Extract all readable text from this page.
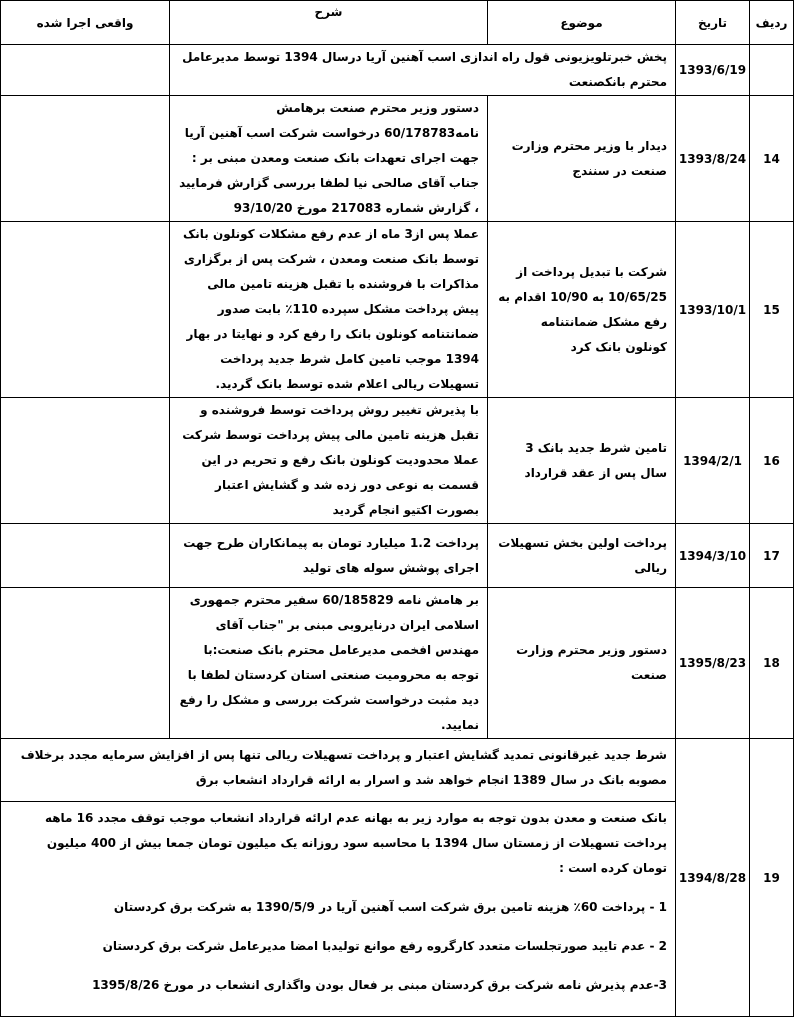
ردیف	تاریخ	موضوع	شرح	واقعی اجرا شده
	1393/6/19	پخش خبرتلویزیونی قول راه اندازی اسب آهنین آریا درسال 1394 توسط مدیرعامل محترم بانکصنعت		
14	1393/8/24	دیدار با وزیر محترم وزارت صنعت در سنندج	دستور وزیر محترم صنعت برهامش نامه60/178783 درخواست شرکت اسب آهنین آریا جهت اجرای تعهدات بانک صنعت ومعدن مبنی بر : جناب آقای صالحی نیا لطفا بررسی گزارش فرمایید ، گزارش شماره 217083 مورخ 93/10/20	
15	1393/10/1	شرکت با تبدیل پرداخت از 10/65/25 به 10/90 اقدام به رفع مشکل ضمانتنامه کونلون بانک کرد	عملا پس از3 ماه از عدم رفع مشکلات کونلون بانک توسط بانک صنعت ومعدن ، شرکت پس از برگزاری مذاکرات با فروشنده با تقبل هزینه تامین مالی پیش پرداخت مشکل سپرده 110٪ بابت صدور ضمانتنامه کونلون بانک را رفع کرد و نهایتا در بهار 1394 موجب تامین کامل شرط جدید پرداخت تسهیلات ریالی اعلام شده توسط بانک گردید.	
16	1394/2/1	تامین شرط جدید بانک 3 سال پس از عقد قرارداد	با پذیرش تغییر روش پرداخت توسط فروشنده و تقبل هزینه تامین مالی پیش پرداخت توسط شرکت عملا محدودیت کونلون بانک رفع و تحریم در این قسمت به نوعی دور زده شد و گشایش اعتبار بصورت اکتیو انجام گردید	
17	1394/3/10	پرداخت اولین بخش تسهیلات ریالی	پرداخت 1.2 میلیارد تومان به پیمانکاران طرح جهت اجرای پوشش سوله های تولید	
18	1395/8/23	دستور وزیر محترم وزارت صنعت	بر هامش نامه 60/185829 سفیر محترم جمهوری اسلامی ایران درنایروبی مبنی بر "جناب آقای مهندس افخمی مدیرعامل محترم بانک صنعت:با توجه به محرومیت صنعتی استان کردستان لطفا با دید مثبت درخواست شرکت بررسی و مشکل را رفع نمایید.	
19	1394/8/28	شرط جدید غیرقانونی تمدید گشایش اعتبار و پرداخت تسهیلات ریالی تنها پس از افزایش سرمایه مجدد برخلاف مصوبه بانک در سال 1389 انجام خواهد شد و اسرار به ارائه قرارداد انشعاب برق

بانک صنعت و معدن بدون توجه به موارد زیر به بهانه عدم ارائه قرارداد انشعاب موجب توقف مجدد 16 ماهه پرداخت تسهیلات از زمستان سال 1394 با محاسبه سود روزانه یک میلیون تومان جمعا بیش از 400 میلیون تومان کرده است :

1 - پرداخت 60٪ هزینه تامین برق شرکت اسب آهنین آریا در 1390/5/9 به شرکت برق کردستان

2 - عدم تایید صورتجلسات متعدد کارگروه رفع موانع تولیدبا امضا مدیرعامل شرکت برق کردستان

3-عدم پذیرش نامه شرکت برق کردستان مبنی بر فعال بودن واگذاری انشعاب در مورخ 1395/8/26		
